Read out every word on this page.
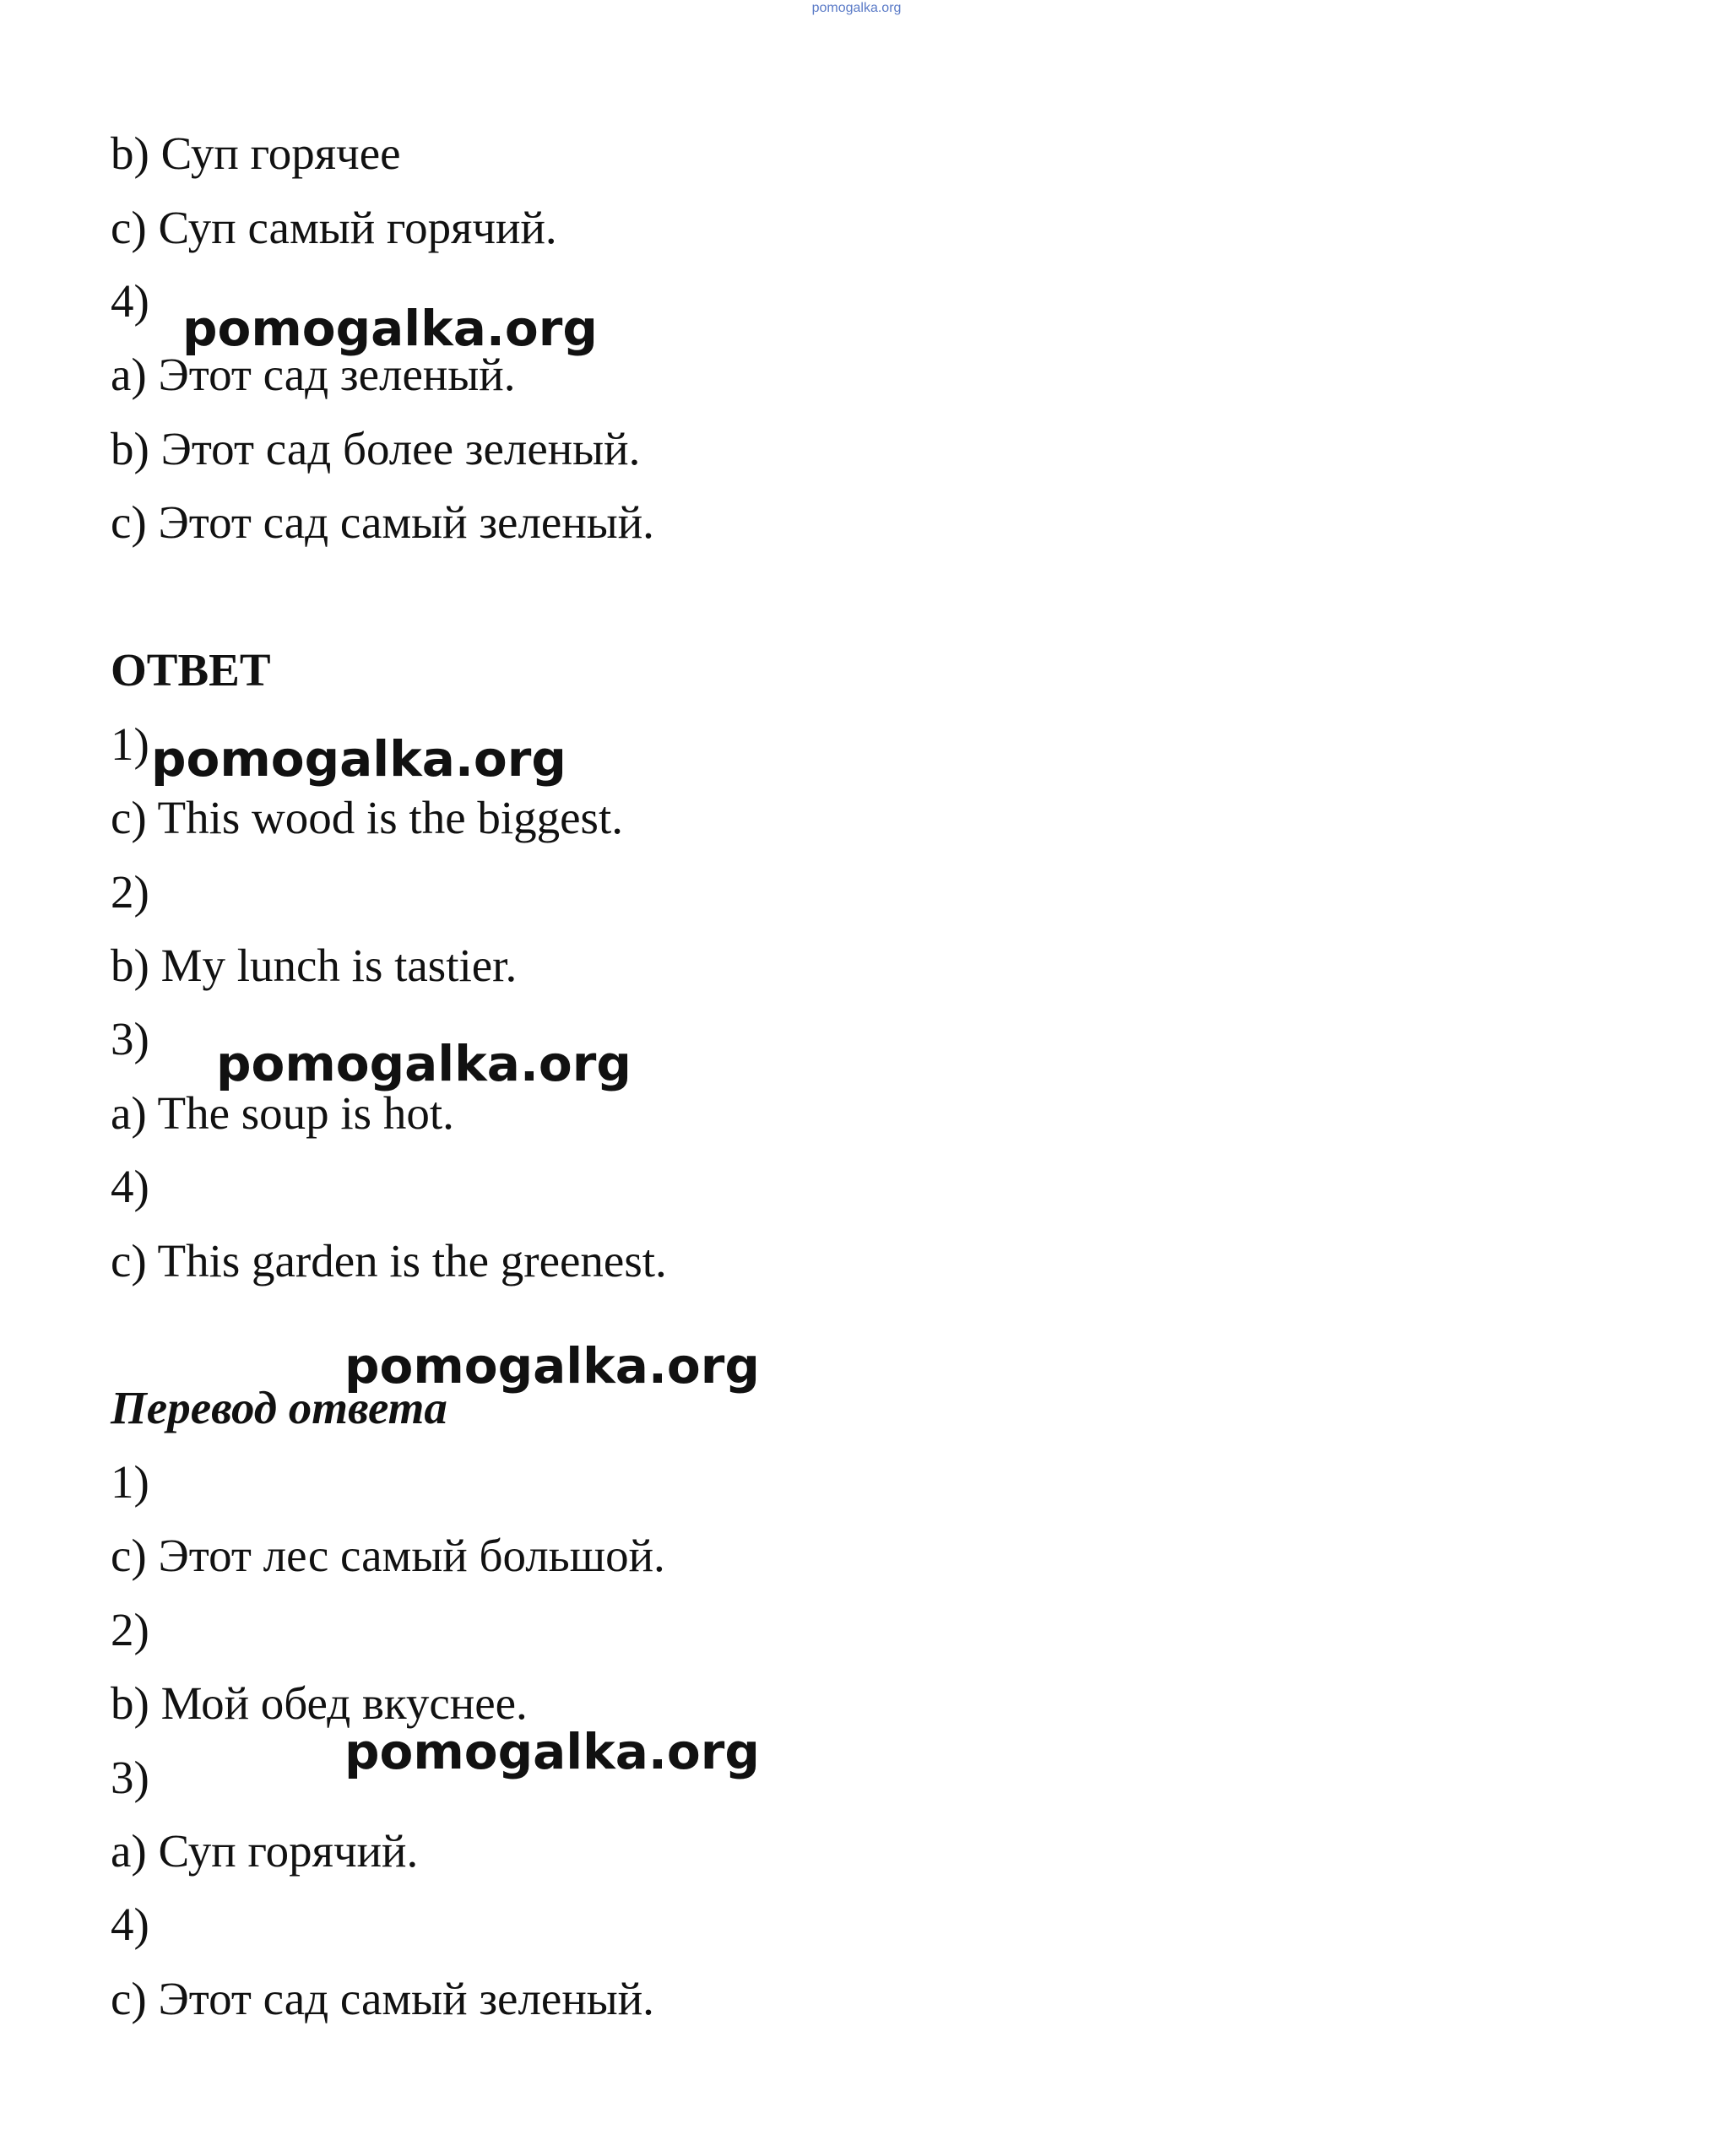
pomogalka.org
b) Суп горячее
c) Суп самый горячий.
4)
a) Этот сад зеленый.
b) Этот сад более зеленый.
c) Этот сад самый зеленый.
ОТВЕТ
1)
c) This wood is the biggest.
2)
b) My lunch is tastier.
3)
a) The soup is hot.
4)
c) This garden is the greenest.
Перевод ответа
1)
c) Этот лес самый большой.
2)
b) Мой обед вкуснее.
3)
a) Суп горячий.
4)
c) Этот сад самый зеленый.
pomogalka.org
pomogalka.org
pomogalka.org
pomogalka.org
pomogalka.org
